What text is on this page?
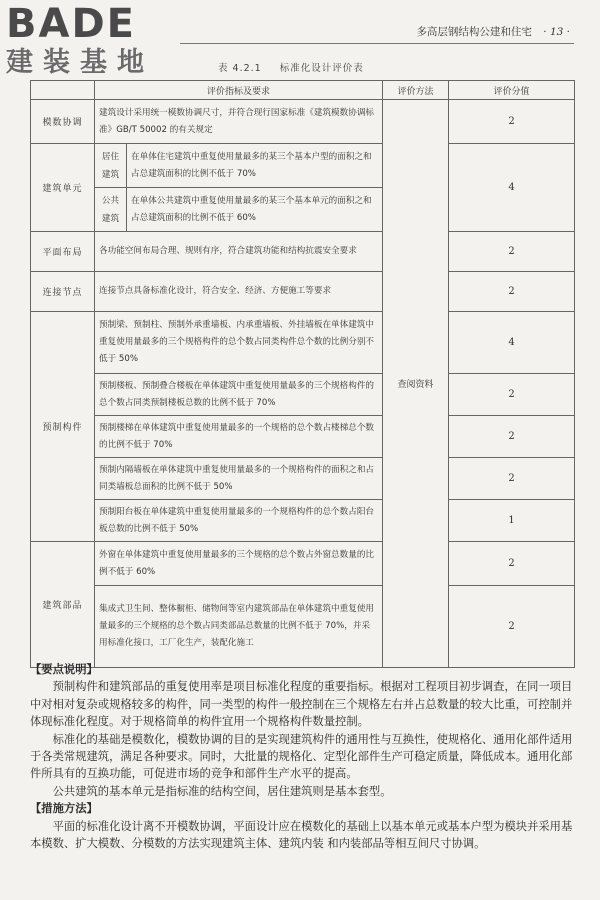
BADE
建装基地
多高层钢结构公建和住宅 · 13 ·
表 4.2.1 标准化设计评价表
	评价指标及要求		评价方法	评价分值
模数协调	建筑设计采用统一模数协调尺寸，并符合现行国家标准《建筑模数协调标准》GB/T 50002 的有关规定		查阅资料	2
建筑单元	居住建筑	在单体住宅建筑中重复使用量最多的某三个基本户型的面积之和占总建筑面积的比例不低于 70%		4
	公共建筑	在单体公共建筑中重复使用量最多的某三个基本单元的面积之和占总建筑面积的比例不低于 60%		
平面布局	各功能空间布局合理、规则有序，符合建筑功能和结构抗震安全要求			2
连接节点	连接节点具备标准化设计，符合安全、经济、方便施工等要求			2
预制构件	预制梁、预制柱、预制外承重墙板、内承重墙板、外挂墙板在单体建筑中重复使用量最多的三个规格构件的总个数占同类构件总个数的比例分别不低于 50%			4
	预制楼板、预制叠合楼板在单体建筑中重复使用量最多的三个规格构件的总个数占同类预制楼板总数的比例不低于 70%			2
	预制楼梯在单体建筑中重复使用量最多的一个规格的总个数占楼梯总个数的比例不低于 70%			2
	预制内隔墙板在单体建筑中重复使用量最多的一个规格构件的面积之和占同类墙板总面积的比例不低于 50%			2
	预制阳台板在单体建筑中重复使用量最多的一个规格构件的总个数占阳台板总数的比例不低于 50%			1
建筑部品	外窗在单体建筑中重复使用量最多的三个规格的总个数占外窗总数量的比例不低于 60%			2
	集成式卫生间、整体橱柜、储物间等室内建筑部品在单体建筑中重复使用量最多的三个规格的总个数占同类部品总数量的比例不低于 70%，并采用标准化接口，工厂化生产，装配化施工			2

【要点说明】

预制构件和建筑部品的重复使用率是项目标准化程度的重要指标。根据对工程项目初步调查，在同一项目中对相对复杂或规格较多的构件，同一类型的构件一般控制在三个规格左右并占总数量的较大比重，可控制并体现标准化程度。对于规格简单的构件宜用一个规格构件数量控制。

标准化的基础是模数化，模数协调的目的是实现建筑构件的通用性与互换性，使规格化、通用化部件适用于各类常规建筑，满足各种要求。同时，大批量的规格化、定型化部件生产可稳定质量，降低成本。通用化部件所具有的互换功能，可促进市场的竞争和部件生产水平的提高。

公共建筑的基本单元是指标准的结构空间，居住建筑则是基本套型。

【措施方法】

平面的标准化设计离不开模数协调，平面设计应在模数化的基础上以基本单元或基本户型为模块并采用基本模数、扩大模数、分模数的方法实现建筑主体、建筑内装 和内装部品等相互间尺寸协调。
